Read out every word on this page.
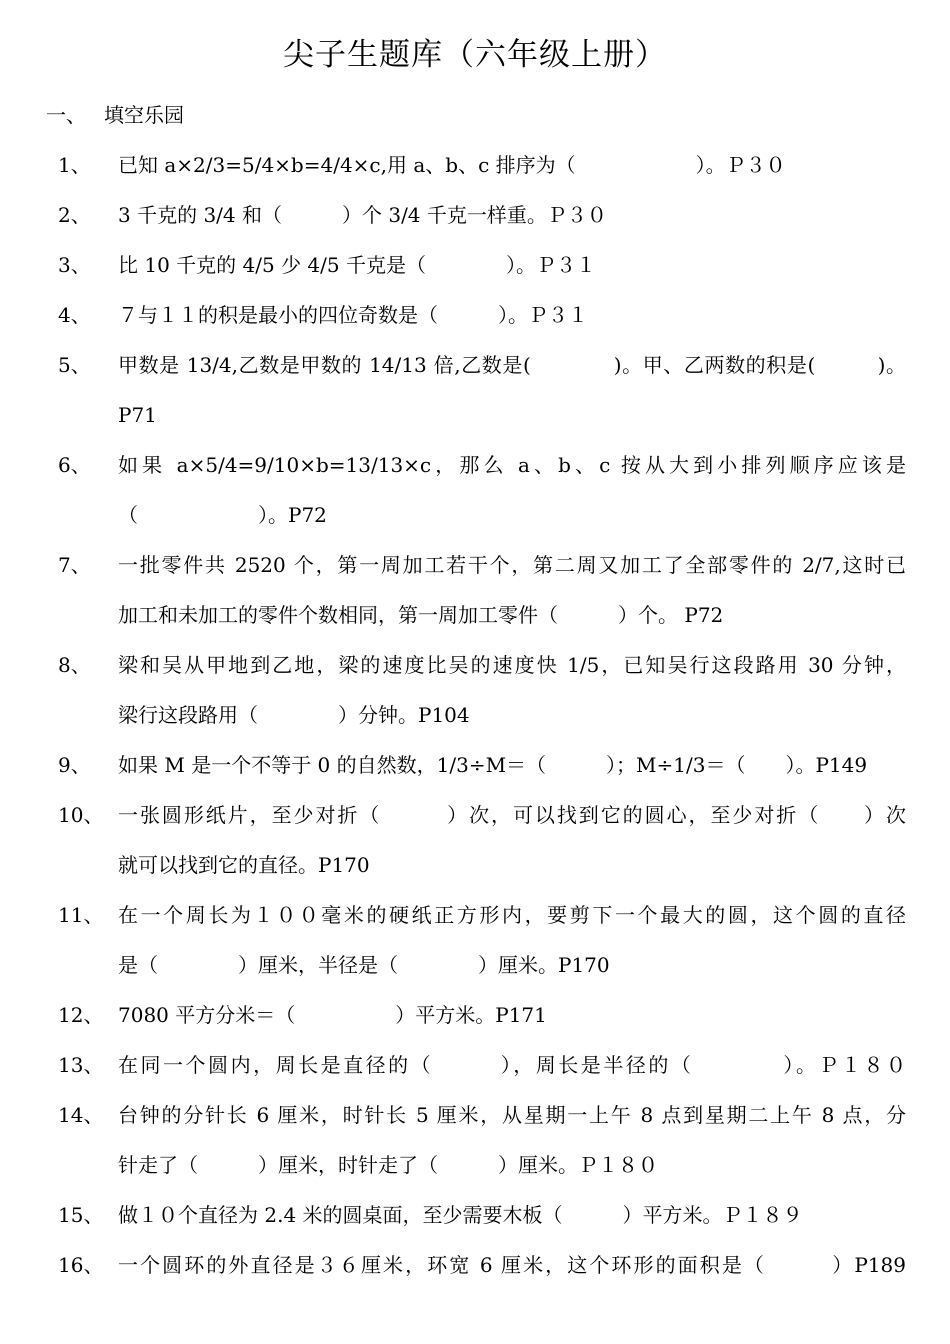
尖子生题库（六年级上册）
一、 填空乐园
1、	已知 a×2/3=5/4×b=4/4×c,用 a、b、c 排序为（　　　　　　）。Ｐ３０
2、	3 千克的 3/4 和（　　　）个 3/4 千克一样重。Ｐ３０
3、	比 10 千克的 4/5 少 4/5 千克是（　　　　）。Ｐ３１
4、	７与１１的积是最小的四位奇数是（　　　）。Ｐ３１
5、	甲数是 13/4,乙数是甲数的 14/13 倍,乙数是(　　　　)。甲、乙两数的积是(　　　)。
P71
6、	如果 a×5/4=9/10×b=13/13×c，那么 a、b、c 按从大到小排列顺序应该是
（　　　　　　）。P72
7、	一批零件共 2520 个，第一周加工若干个，第二周又加工了全部零件的 2/7,这时已
加工和未加工的零件个数相同，第一周加工零件（　　　）个。 P72
8、	梁和吴从甲地到乙地，梁的速度比吴的速度快 1/5，已知吴行这段路用 30 分钟，
梁行这段路用（　　　　）分钟。P104
9、	如果 M 是一个不等于 0 的自然数，1/3÷M＝（　　　）；M÷1/3＝（　　）。P149
10、 一张圆形纸片，至少对折（　　　）次，可以找到它的圆心，至少对折（　　）次
就可以找到它的直径。P170
11、 在一个周长为１００毫米的硬纸正方形内，要剪下一个最大的圆，这个圆的直径
是（　　　　）厘米，半径是（　　　　）厘米。P170
12、 7080 平方分米＝（　　　　　）平方米。P171
13、 在同一个圆内，周长是直径的（　　　），周长是半径的（　　　　）。Ｐ１８０
14、 台钟的分针长 6 厘米，时针长 5 厘米，从星期一上午 8 点到星期二上午 8 点，分
针走了（　　　）厘米，时针走了（　　　）厘米。Ｐ１８０
15、 做１０个直径为 2.4 米的圆桌面，至少需要木板（　　　）平方米。Ｐ１８９
16、 一个圆环的外直径是３６厘米，环宽 6 厘米，这个环形的面积是（　　　）P189
